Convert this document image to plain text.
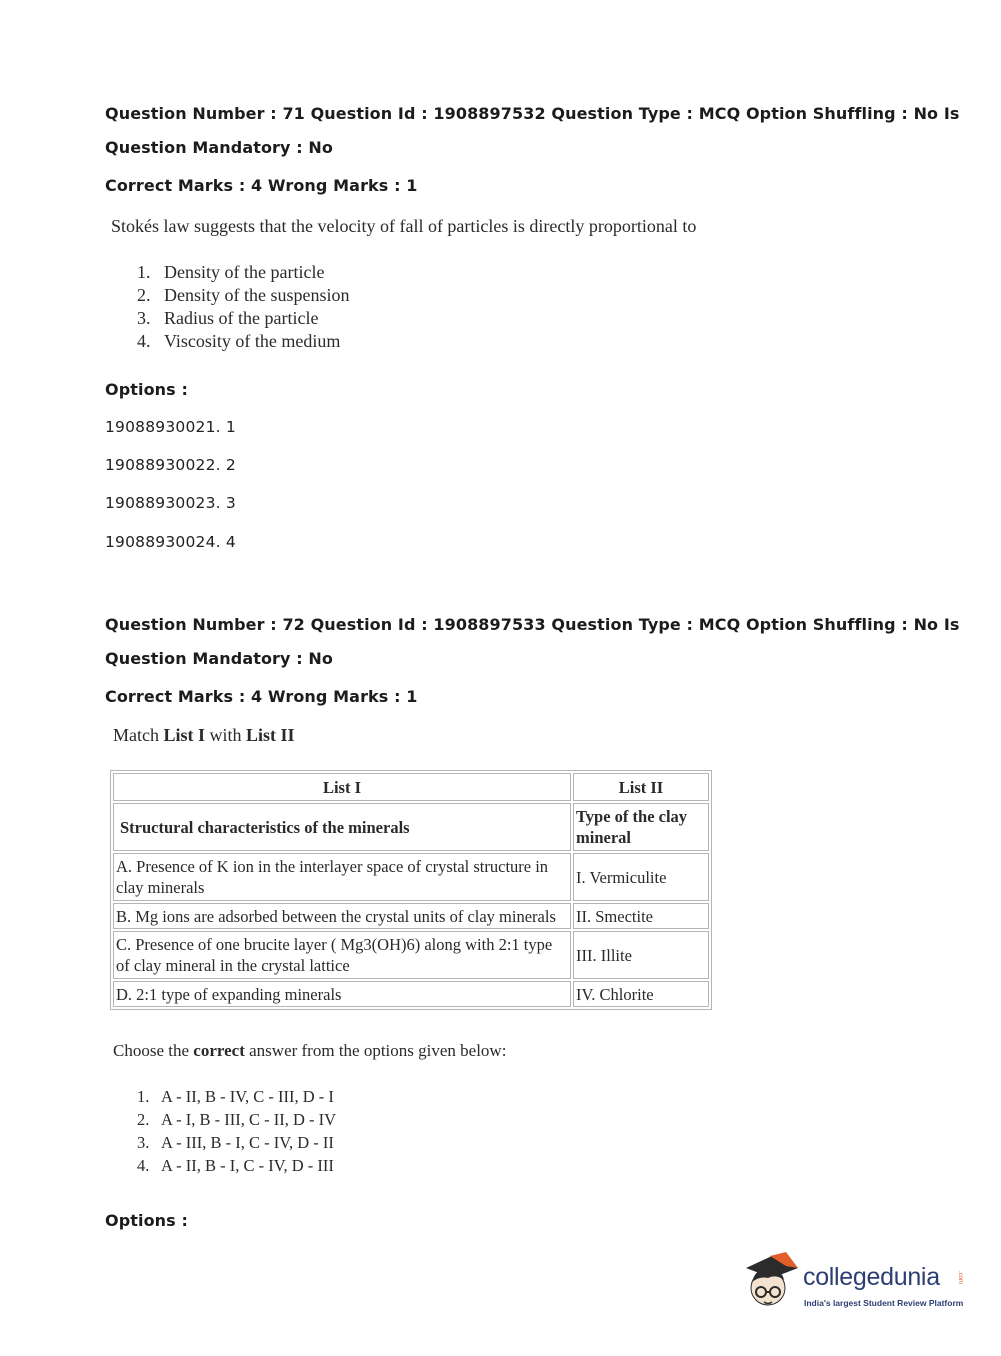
Question Number : 71 Question Id : 1908897532 Question Type : MCQ Option Shuffling : No Is
Question Mandatory : No
Correct Marks : 4 Wrong Marks : 1
Stokés law suggests that the velocity of fall of particles is directly proportional to
1. Density of the particle
2. Density of the suspension
3. Radius of the particle
4. Viscosity of the medium
Options :
19088930021. 1
19088930022. 2
19088930023. 3
19088930024. 4
Question Number : 72 Question Id : 1908897533 Question Type : MCQ Option Shuffling : No Is
Question Mandatory : No
Correct Marks : 4 Wrong Marks : 1
Match List I with List II
List I	List II
Structural characteristics of the minerals	Type of the clay mineral
A. Presence of K ion in the interlayer space of crystal structure in clay minerals	I. Vermiculite
B. Mg ions are adsorbed between the crystal units of clay minerals	II. Smectite
C. Presence of one brucite layer ( Mg3(OH)6) along with 2:1 type of clay mineral in the crystal lattice	III. Illite
D. 2:1 type of expanding minerals	IV. Chlorite
Choose the correct answer from the options given below:
1. A - II, B - IV, C - III, D - I
2. A - I, B - III, C - II, D - IV
3. A - III, B - I, C - IV, D - II
4. A - II, B - I, C - IV, D - III
Options :
collegedunia	.com
India's largest Student Review Platform
